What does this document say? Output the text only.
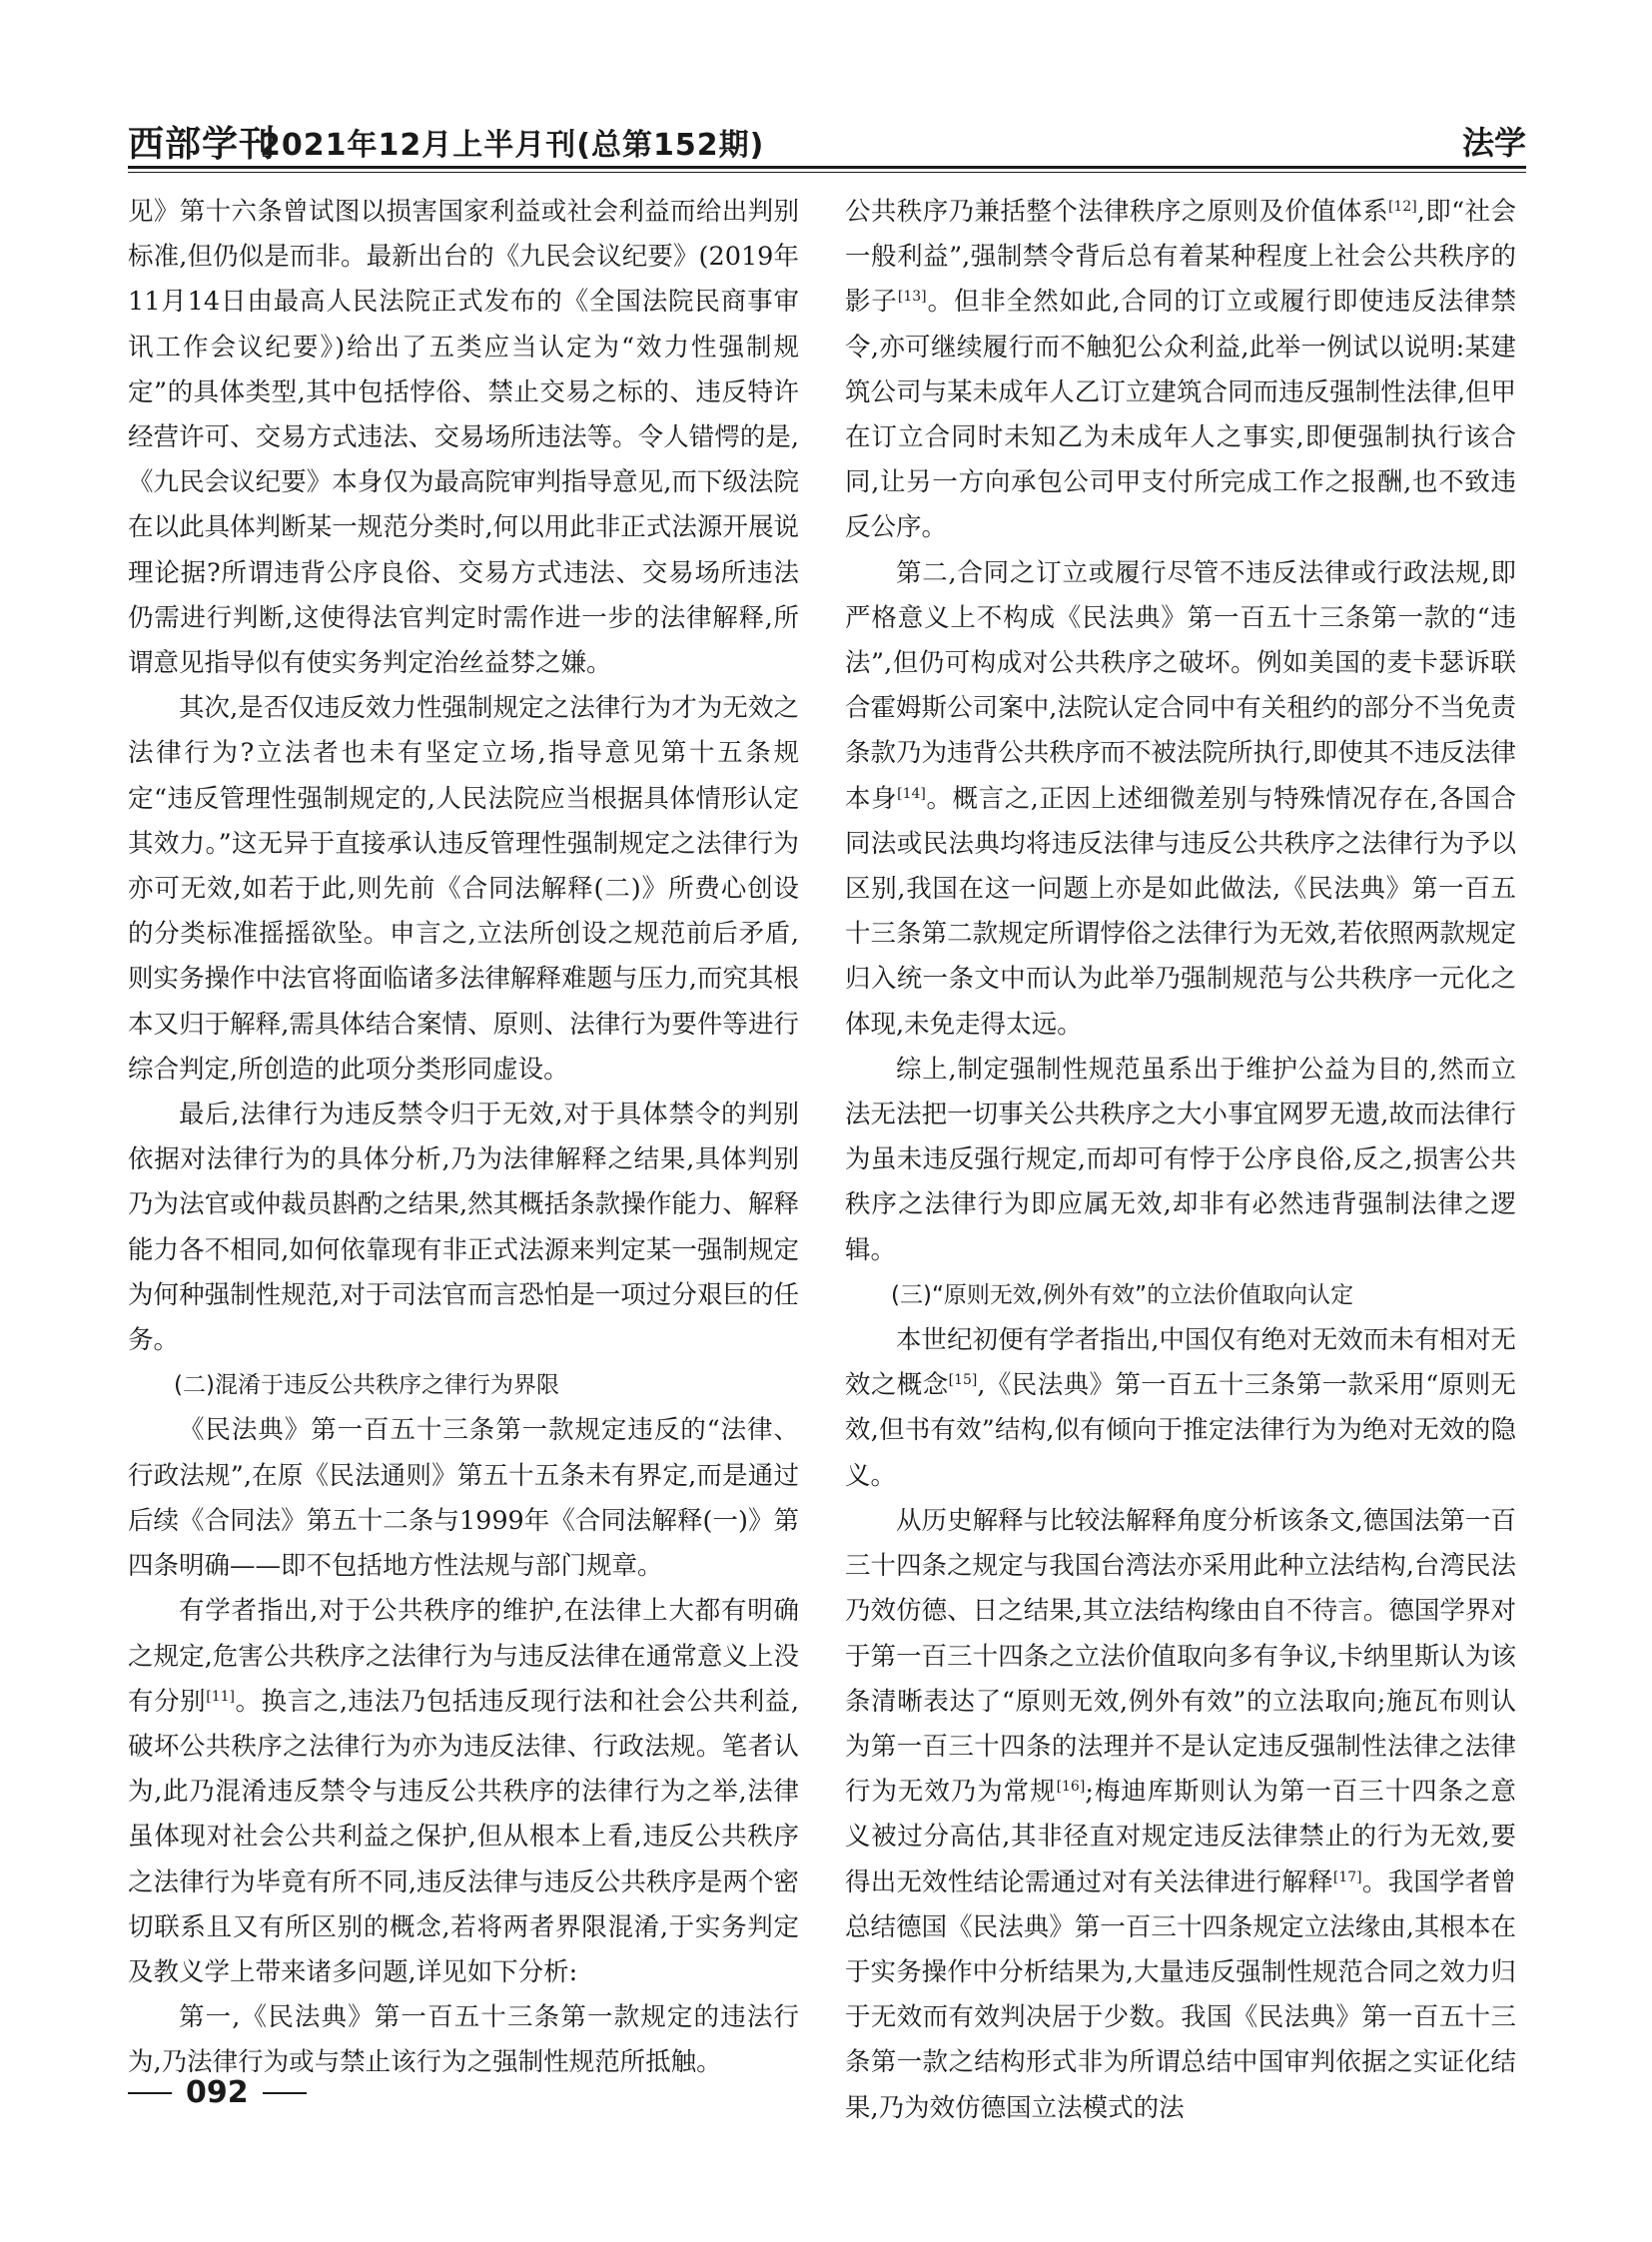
西部学刊
2021年12月上半月刊(总第152期)	法学

见》第十六条曾试图以损害国家利益或社会利益而给出判别标准,但仍似是而非。最新出台的《九民会议纪要》(2019年11月14日由最高人民法院正式发布的《全国法院民商事审讯工作会议纪要》)给出了五类应当认定为“效力性强制规定”的具体类型,其中包括悖俗、禁止交易之标的、违反特许经营许可、交易方式违法、交易场所违法等。令人错愕的是,《九民会议纪要》本身仅为最高院审判指导意见,而下级法院在以此具体判断某一规范分类时,何以用此非正式法源开展说理论据?所谓违背公序良俗、交易方式违法、交易场所违法仍需进行判断,这使得法官判定时需作进一步的法律解释,所谓意见指导似有使实务判定治丝益棼之嫌。

其次,是否仅违反效力性强制规定之法律行为才为无效之法律行为?立法者也未有坚定立场,指导意见第十五条规定“违反管理性强制规定的,人民法院应当根据具体情形认定其效力。”这无异于直接承认违反管理性强制规定之法律行为亦可无效,如若于此,则先前《合同法解释(二)》所费心创设的分类标准摇摇欲坠。申言之,立法所创设之规范前后矛盾,则实务操作中法官将面临诸多法律解释难题与压力,而究其根本又归于解释,需具体结合案情、原则、法律行为要件等进行综合判定,所创造的此项分类形同虚设。

最后,法律行为违反禁令归于无效,对于具体禁令的判别依据对法律行为的具体分析,乃为法律解释之结果,具体判别乃为法官或仲裁员斟酌之结果,然其概括条款操作能力、解释能力各不相同,如何依靠现有非正式法源来判定某一强制规定为何种强制性规范,对于司法官而言恐怕是一项过分艰巨的任务。

(二)混淆于违反公共秩序之律行为界限

《民法典》第一百五十三条第一款规定违反的“法律、行政法规”,在原《民法通则》第五十五条未有界定,而是通过后续《合同法》第五十二条与1999年《合同法解释(一)》第四条明确——即不包括地方性法规与部门规章。

有学者指出,对于公共秩序的维护,在法律上大都有明确之规定,危害公共秩序之法律行为与违反法律在通常意义上没有分别[11]。换言之,违法乃包括违反现行法和社会公共利益,破坏公共秩序之法律行为亦为违反法律、行政法规。笔者认为,此乃混淆违反禁令与违反公共秩序的法律行为之举,法律虽体现对社会公共利益之保护,但从根本上看,违反公共秩序之法律行为毕竟有所不同,违反法律与违反公共秩序是两个密切联系且又有所区别的概念,若将两者界限混淆,于实务判定及教义学上带来诸多问题,详见如下分析:

第一,《民法典》第一百五十三条第一款规定的违法行为,乃法律行为或与禁止该行为之强制性规范所抵触。

公共秩序乃兼括整个法律秩序之原则及价值体系[12],即“社会一般利益”,强制禁令背后总有着某种程度上社会公共秩序的影子[13]。但非全然如此,合同的订立或履行即使违反法律禁令,亦可继续履行而不触犯公众利益,此举一例试以说明:某建筑公司与某未成年人乙订立建筑合同而违反强制性法律,但甲在订立合同时未知乙为未成年人之事实,即便强制执行该合同,让另一方向承包公司甲支付所完成工作之报酬,也不致违反公序。

第二,合同之订立或履行尽管不违反法律或行政法规,即严格意义上不构成《民法典》第一百五十三条第一款的“违法”,但仍可构成对公共秩序之破坏。例如美国的麦卡瑟诉联合霍姆斯公司案中,法院认定合同中有关租约的部分不当免责条款乃为违背公共秩序而不被法院所执行,即使其不违反法律本身[14]。概言之,正因上述细微差别与特殊情况存在,各国合同法或民法典均将违反法律与违反公共秩序之法律行为予以区别,我国在这一问题上亦是如此做法,《民法典》第一百五十三条第二款规定所谓悖俗之法律行为无效,若依照两款规定归入统一条文中而认为此举乃强制规范与公共秩序一元化之体现,未免走得太远。

综上,制定强制性规范虽系出于维护公益为目的,然而立法无法把一切事关公共秩序之大小事宜网罗无遗,故而法律行为虽未违反强行规定,而却可有悖于公序良俗,反之,损害公共秩序之法律行为即应属无效,却非有必然违背强制法律之逻辑。

(三)“原则无效,例外有效”的立法价值取向认定

本世纪初便有学者指出,中国仅有绝对无效而未有相对无效之概念[15],《民法典》第一百五十三条第一款采用“原则无效,但书有效”结构,似有倾向于推定法律行为为绝对无效的隐义。

从历史解释与比较法解释角度分析该条文,德国法第一百三十四条之规定与我国台湾法亦采用此种立法结构,台湾民法乃效仿德、日之结果,其立法结构缘由自不待言。德国学界对于第一百三十四条之立法价值取向多有争议,卡纳里斯认为该条清晰表达了“原则无效,例外有效”的立法取向;施瓦布则认为第一百三十四条的法理并不是认定违反强制性法律之法律行为无效乃为常规[16];梅迪库斯则认为第一百三十四条之意义被过分高估,其非径直对规定违反法律禁止的行为无效,要得出无效性结论需通过对有关法律进行解释[17]。我国学者曾总结德国《民法典》第一百三十四条规定立法缘由,其根本在于实务操作中分析结果为,大量违反强制性规范合同之效力归于无效而有效判决居于少数。我国《民法典》第一百五十三条第一款之结构形式非为所谓总结中国审判依据之实证化结果,乃为效仿德国立法模式的法

092
